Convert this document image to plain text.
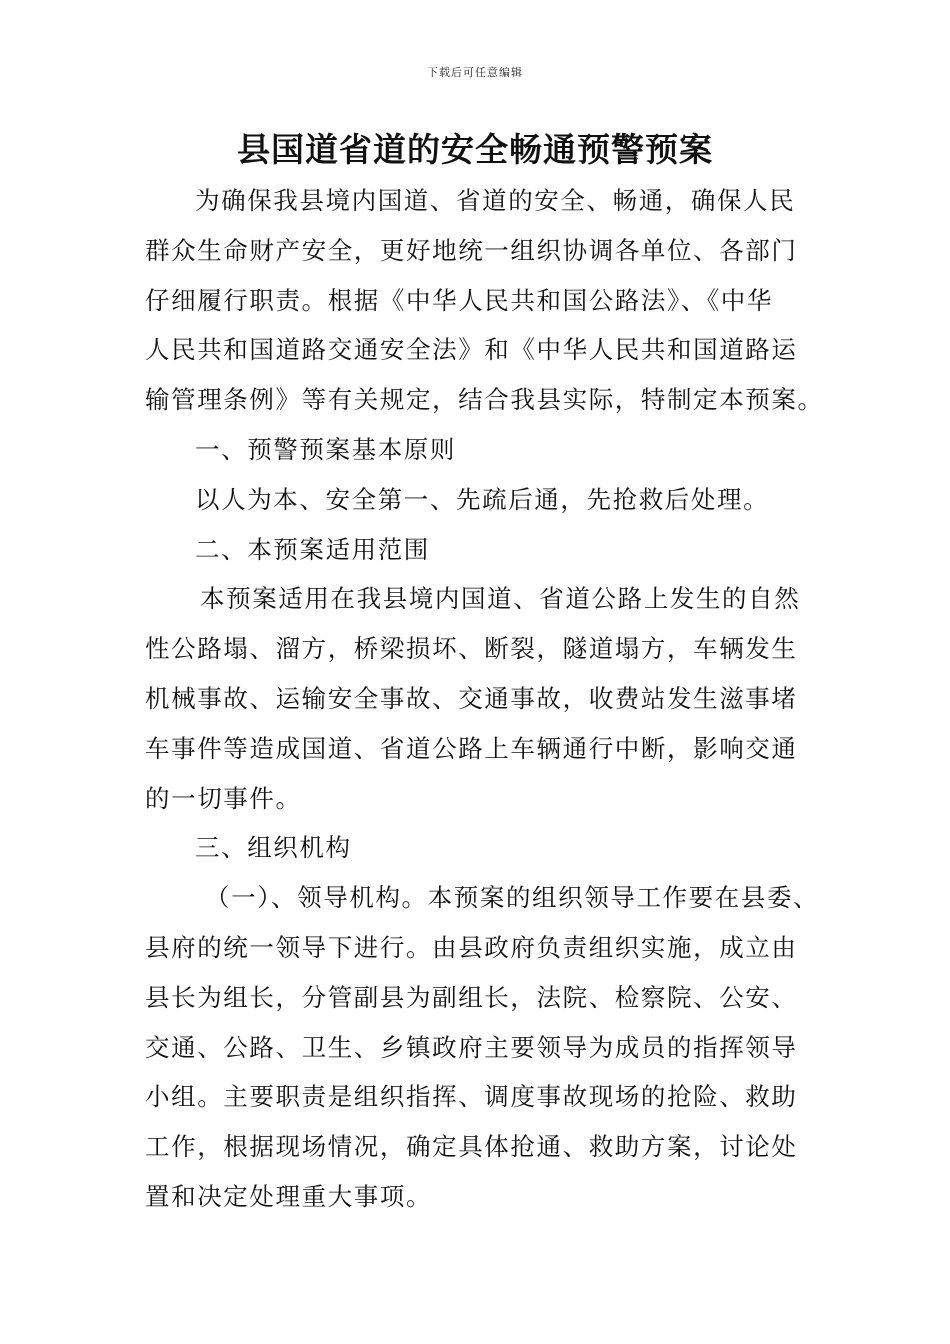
下载后可任意编辑
县国道省道的安全畅通预警预案

为确保我县境内国道、省道的安全、畅通，确保人民

群众生命财产安全，更好地统一组织协调各单位、各部门

仔细履行职责。根据《中华人民共和国公路法》、《中华

人民共和国道路交通安全法》和《中华人民共和国道路运

输管理条例》等有关规定，结合我县实际，特制定本预案。

一、预警预案基本原则

以人为本、安全第一、先疏后通，先抢救后处理。

二、本预案适用范围

本预案适用在我县境内国道、省道公路上发生的自然

性公路塌、溜方，桥梁损坏、断裂，隧道塌方，车辆发生

机械事故、运输安全事故、交通事故，收费站发生滋事堵

车事件等造成国道、省道公路上车辆通行中断，影响交通

的一切事件。

三、组织机构

（一）、领导机构。本预案的组织领导工作要在县委、

县府的统一领导下进行。由县政府负责组织实施，成立由

县长为组长，分管副县为副组长，法院、检察院、公安、

交通、公路、卫生、乡镇政府主要领导为成员的指挥领导

小组。主要职责是组织指挥、调度事故现场的抢险、救助

工作，根据现场情况，确定具体抢通、救助方案，讨论处

置和决定处理重大事项。
